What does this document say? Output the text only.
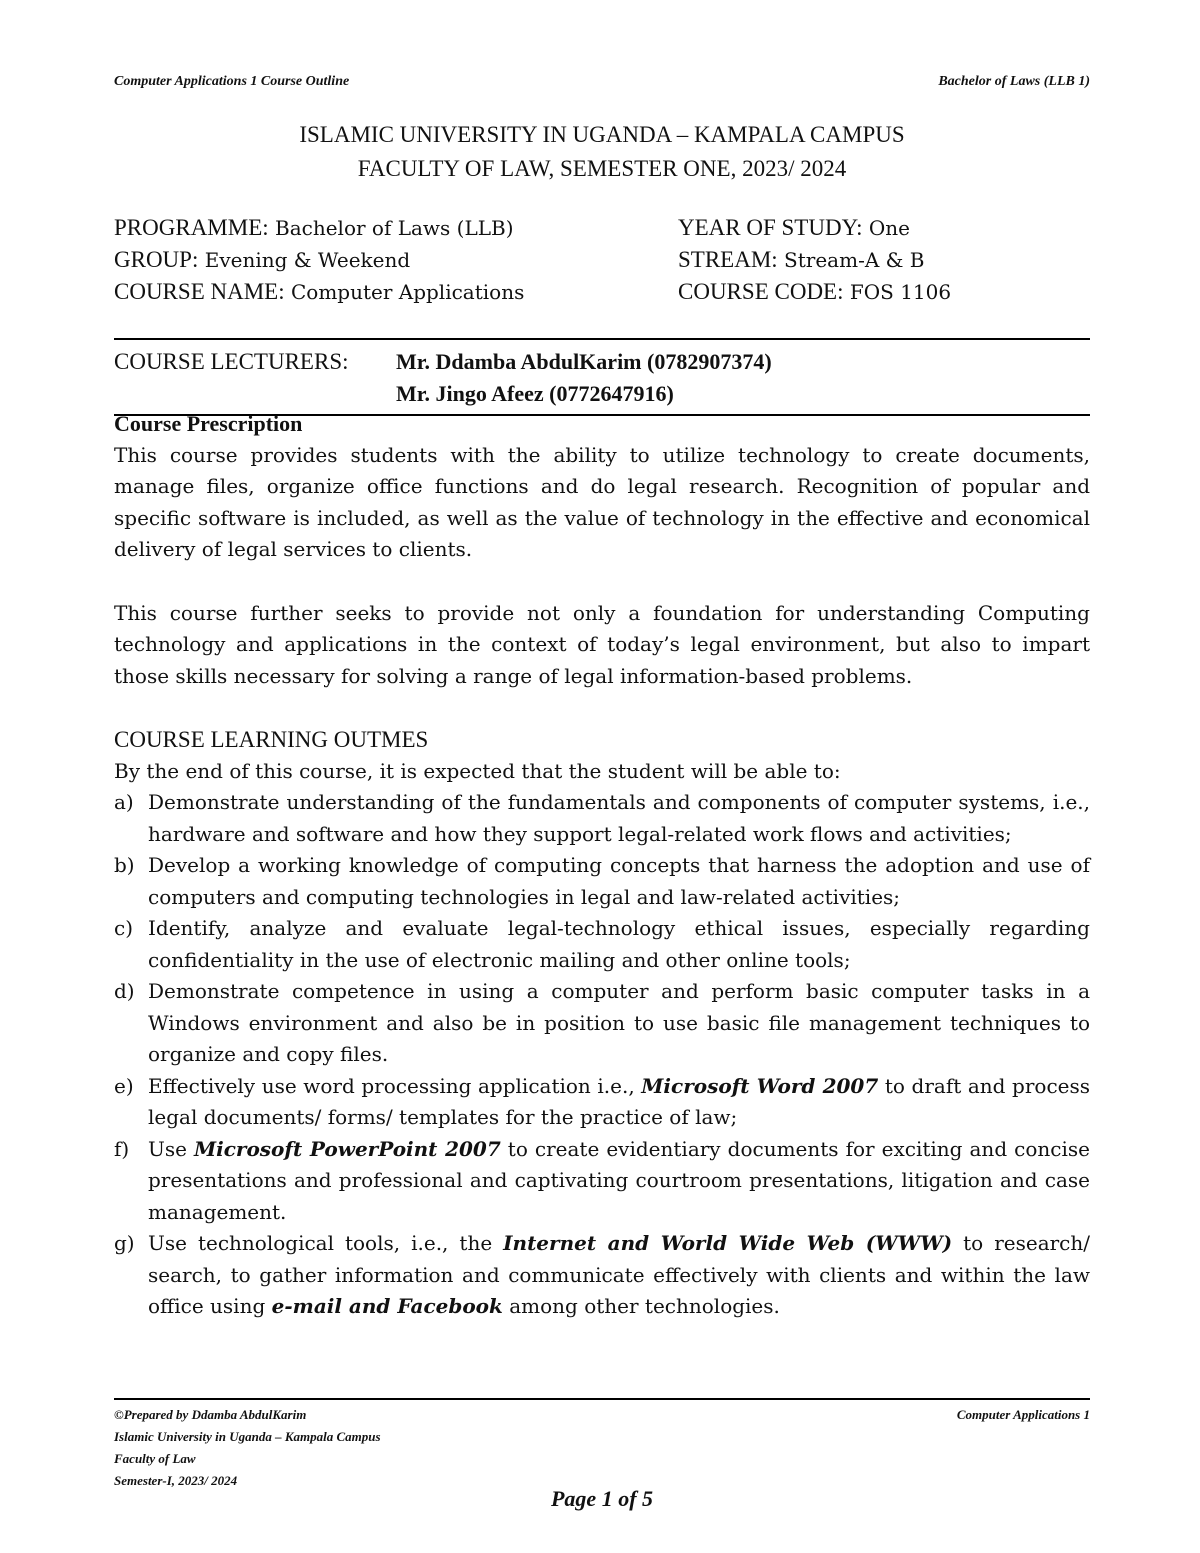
Computer Applications 1 Course Outline	Bachelor of Laws (LLB 1)
ISLAMIC UNIVERSITY IN UGANDA – KAMPALA CAMPUS
FACULTY OF LAW, SEMESTER ONE, 2023/ 2024
PROGRAMME: Bachelor of Laws (LLB)	YEAR OF STUDY: One
GROUP: Evening & Weekend	STREAM: Stream-A & B
COURSE NAME: Computer Applications	COURSE CODE: FOS 1106
COURSE LECTURERS:	Mr. Ddamba AbdulKarim (0782907374)
Mr. Jingo Afeez (0772647916)
Course Prescription

This course provides students with the ability to utilize technology to create documents, manage files, organize office functions and do legal research. Recognition of popular and specific software is included, as well as the value of technology in the effective and economical delivery of legal services to clients.

This course further seeks to provide not only a foundation for understanding Computing technology and applications in the context of today’s legal environment, but also to impart those skills necessary for solving a range of legal information-based problems.

COURSE LEARNING OUTMES
By the end of this course, it is expected that the student will be able to:
a) Demonstrate understanding of the fundamentals and components of computer systems, i.e., hardware and software and how they support legal-related work flows and activities;
b) Develop a working knowledge of computing concepts that harness the adoption and use of computers and computing technologies in legal and law-related activities;
c) Identify, analyze and evaluate legal-technology ethical issues, especially regarding confidentiality in the use of electronic mailing and other online tools;
d) Demonstrate competence in using a computer and perform basic computer tasks in a Windows environment and also be in position to use basic file management techniques to organize and copy files.
e) Effectively use word processing application i.e., Microsoft Word 2007 to draft and process legal documents/ forms/ templates for the practice of law;
f) Use Microsoft PowerPoint 2007 to create evidentiary documents for exciting and concise presentations and professional and captivating courtroom presentations, litigation and case management.
g) Use technological tools, i.e., the Internet and World Wide Web (WWW) to research/ search, to gather information and communicate effectively with clients and within the law office using e-mail and Facebook among other technologies.
©Prepared by Ddamba AbdulKarim	Computer Applications 1
Islamic University in Uganda – Kampala Campus
Faculty of Law
Semester-I, 2023/ 2024
Page 1 of 5
